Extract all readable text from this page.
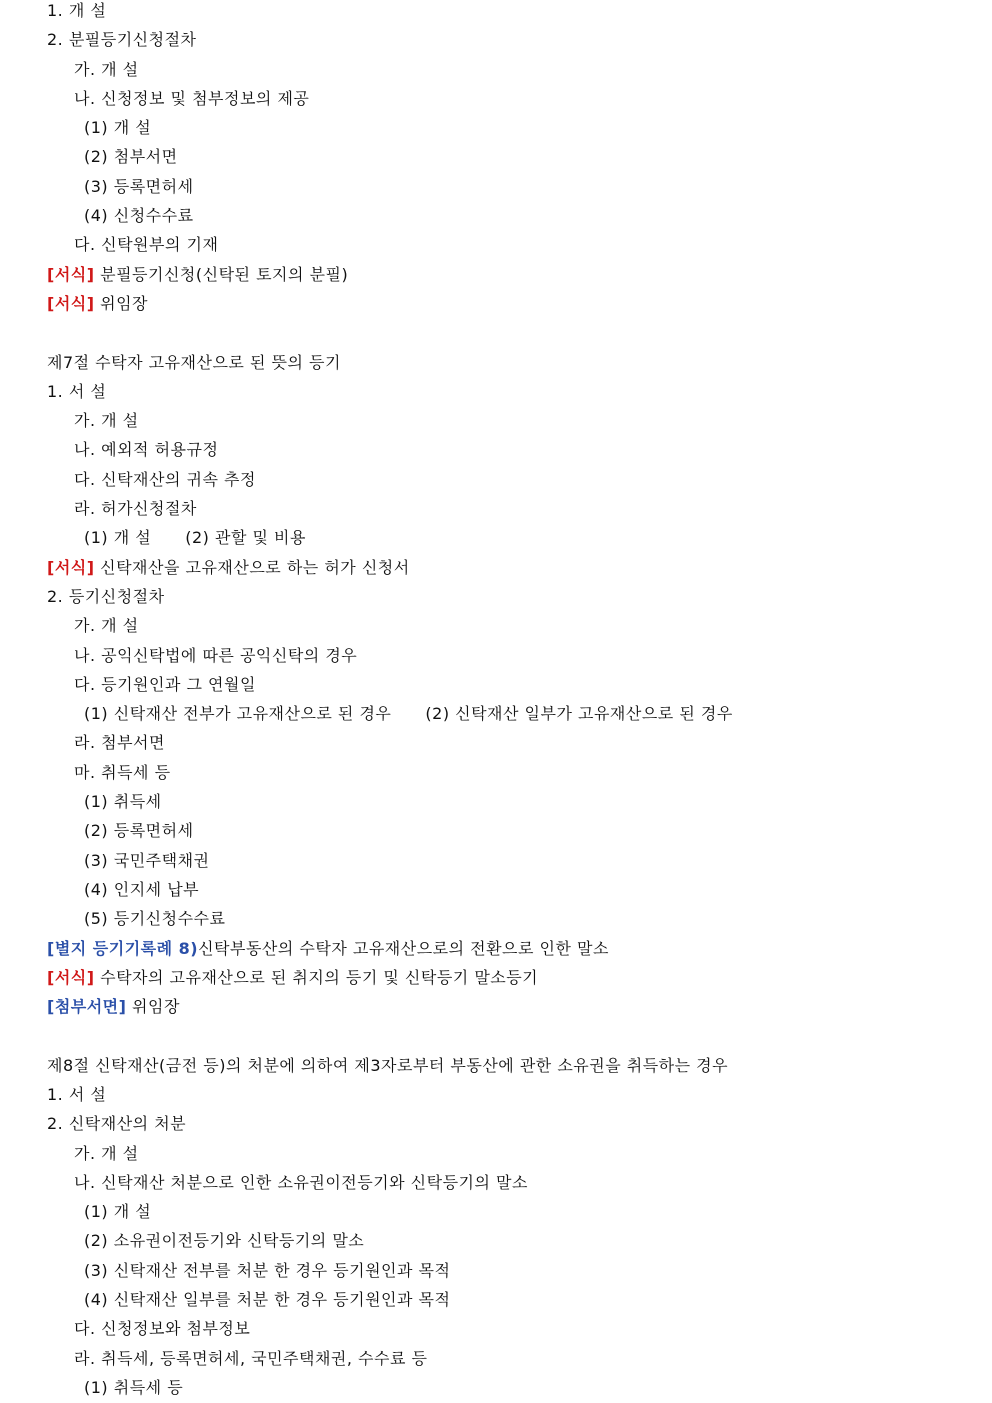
1. 개 설
2. 분필등기신청절차
가. 개 설
나. 신청정보 및 첨부정보의 제공
(1) 개 설
(2) 첨부서면
(3) 등록면허세
(4) 신청수수료
다. 신탁원부의 기재
[서식] 분필등기신청(신탁된 토지의 분필)
[서식] 위임장
제7절 수탁자 고유재산으로 된 뜻의 등기
1. 서 설
가. 개 설
나. 예외적 허용규정
다. 신탁재산의 귀속 추정
라. 허가신청절차
(1) 개 설 (2) 관할 및 비용
[서식] 신탁재산을 고유재산으로 하는 허가 신청서
2. 등기신청절차
가. 개 설
나. 공익신탁법에 따른 공익신탁의 경우
다. 등기원인과 그 연월일
(1) 신탁재산 전부가 고유재산으로 된 경우 (2) 신탁재산 일부가 고유재산으로 된 경우
라. 첨부서면
마. 취득세 등
(1) 취득세
(2) 등록면허세
(3) 국민주택채권
(4) 인지세 납부
(5) 등기신청수수료
[별지 등기기록례 8)신탁부동산의 수탁자 고유재산으로의 전환으로 인한 말소
[서식] 수탁자의 고유재산으로 된 취지의 등기 및 신탁등기 말소등기
[첨부서면] 위임장
제8절 신탁재산(금전 등)의 처분에 의하여 제3자로부터 부동산에 관한 소유권을 취득하는 경우
1. 서 설
2. 신탁재산의 처분
가. 개 설
나. 신탁재산 처분으로 인한 소유권이전등기와 신탁등기의 말소
(1) 개 설
(2) 소유권이전등기와 신탁등기의 말소
(3) 신탁재산 전부를 처분 한 경우 등기원인과 목적
(4) 신탁재산 일부를 처분 한 경우 등기원인과 목적
다. 신청정보와 첨부정보
라. 취득세, 등록면허세, 국민주택채권, 수수료 등
(1) 취득세 등
